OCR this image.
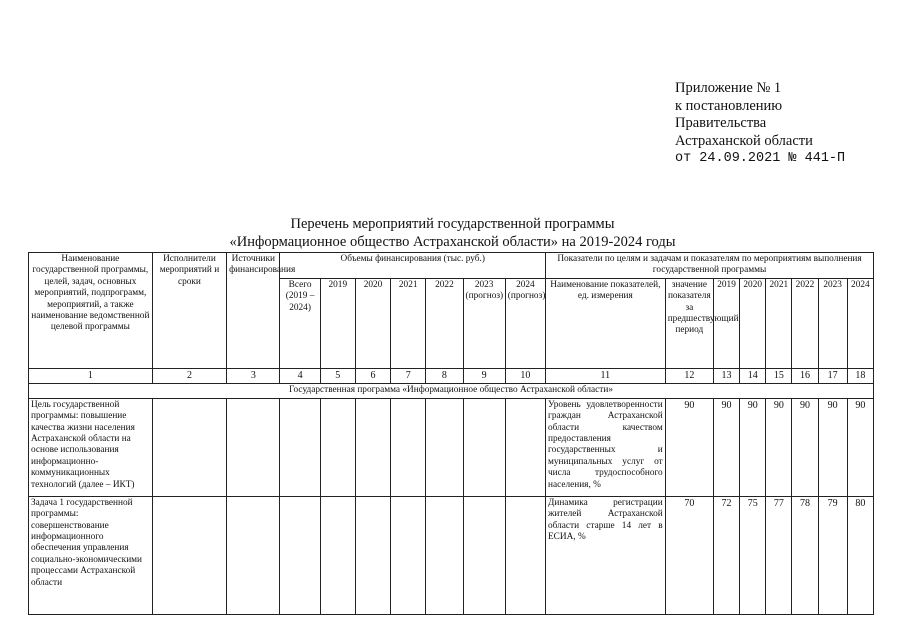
Приложение № 1
к постановлению
Правительства
Астраханской области
от 24.09.2021 № 441-П
Перечень мероприятий государственной программы
«Информационное общество Астраханской области» на 2019-2024 годы
Наименование государственной программы, целей, задач, основных мероприятий, подпрограмм, мероприятий, а также наименование ведомственной целевой программы	Исполнители мероприятий и сроки	Источники финансирования	Объемы финансирования (тыс. руб.)							Показатели по целям и задачам и показателям по мероприятиям выполнения государственной программы							
			Всего (2019 – 2024)	2019	2020	2021	2022	2023 (прогноз)	2024 (прогноз)	Наименование показателей, ед. измерения	значение показателя за предшествующий период	2019	2020	2021	2022	2023	2024
1	2	3	4	5	6	7	8	9	10	11	12	13	14	15	16	17	18
Государственная программа «Информационное общество Астраханской области»																	
Цель государственной программы: повышение качества жизни населения Астраханской области на основе использования информационно-коммуникационных технологий (далее – ИКТ)										Уровень удовлетворенности граждан Астраханской области качеством предоставления государственных и муниципальных услуг от числа трудоспособного населения, %	90	90	90	90	90	90	90
Задача 1 государственной программы: совершенствование информационного обеспечения управления социально-экономическими процессами Астраханской области										Динамика регистрации жителей Астраханской области старше 14 лет в ЕСИА, %	70	72	75	77	78	79	80
